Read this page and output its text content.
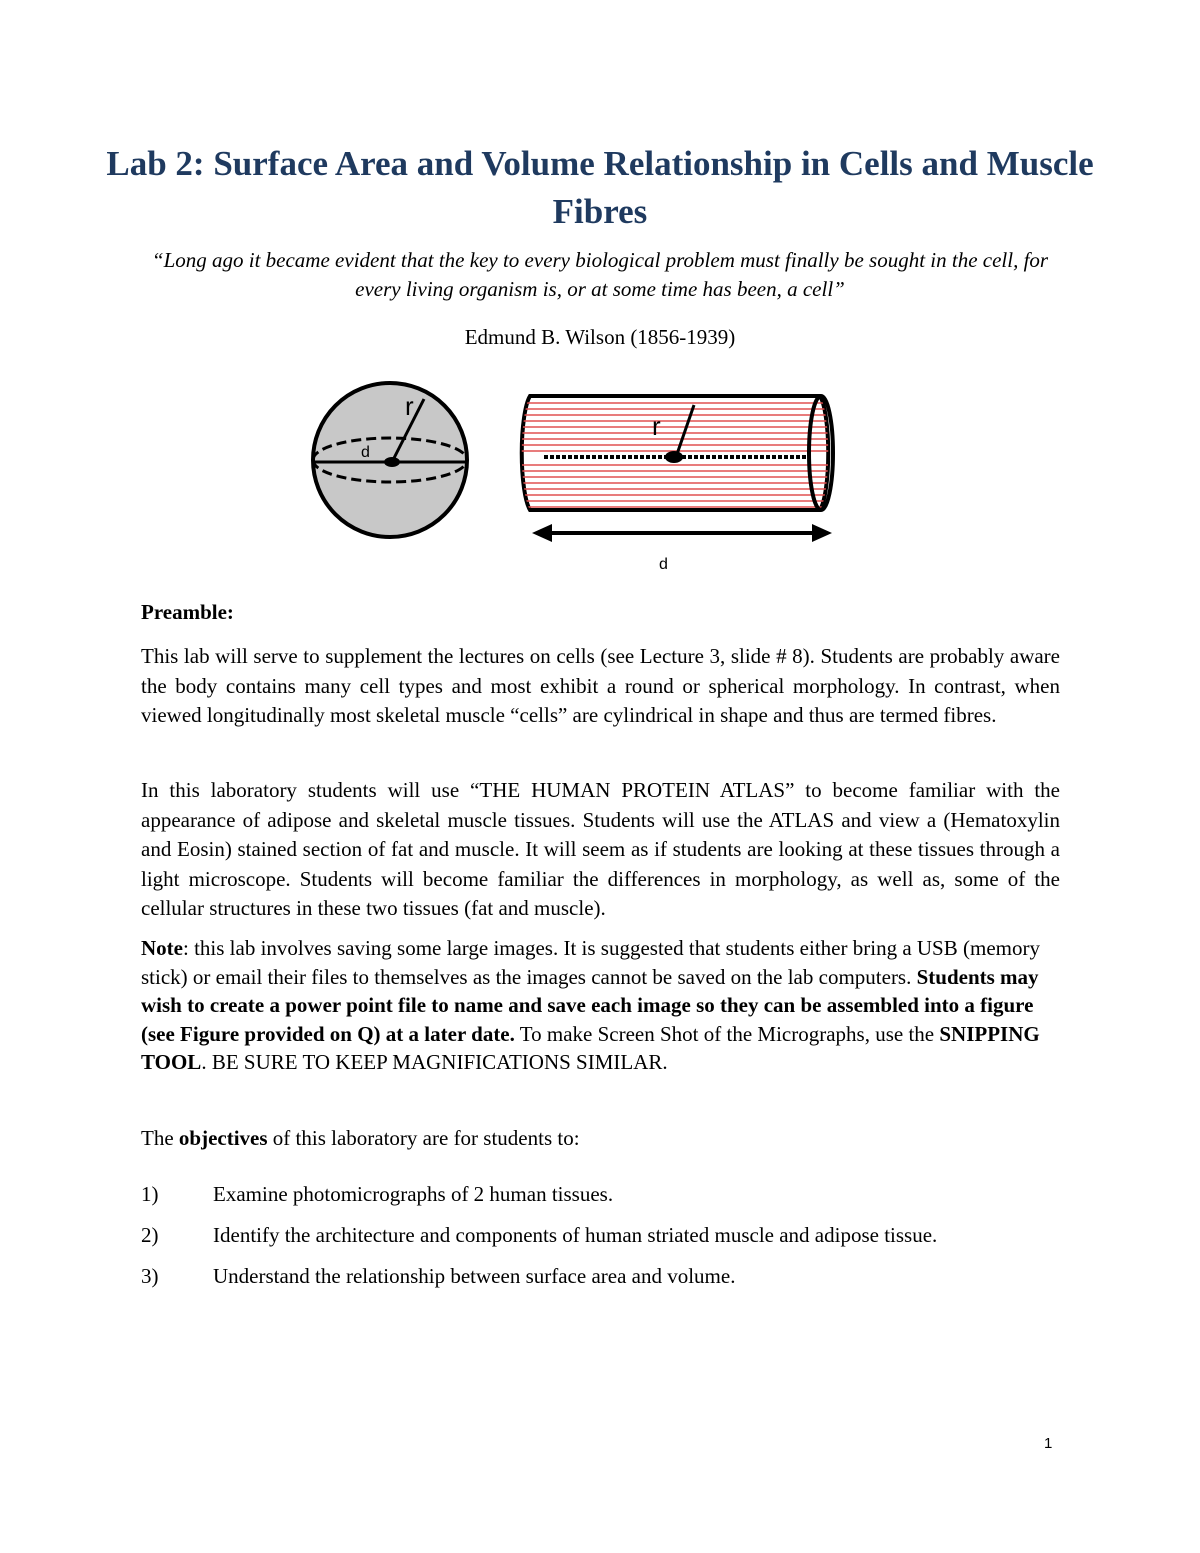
Lab 2: Surface Area and Volume Relationship in Cells and Muscle Fibres

“Long ago it became evident that the key to every biological problem must finally be sought in the cell, for every living organism is, or at some time has been, a cell”

Edmund B. Wilson (1856-1939)

r
d
r
d

Preamble:

This lab will serve to supplement the lectures on cells (see Lecture 3, slide # 8). Students are probably aware the body contains many cell types and most exhibit a round or spherical morphology. In contrast, when viewed longitudinally most skeletal muscle “cells” are cylindrical in shape and thus are termed fibres.

In this laboratory students will use “THE HUMAN PROTEIN ATLAS” to become familiar with the appearance of adipose and skeletal muscle tissues. Students will use the ATLAS and view a (Hematoxylin and Eosin) stained section of fat and muscle. It will seem as if students are looking at these tissues through a light microscope. Students will become familiar the differences in morphology, as well as, some of the cellular structures in these two tissues (fat and muscle).

Note: this lab involves saving some large images. It is suggested that students either bring a USB (memory stick) or email their files to themselves as the images cannot be saved on the lab computers. Students may wish to create a power point file to name and save each image so they can be assembled into a figure (see Figure provided on Q) at a later date. To make Screen Shot of the Micrographs, use the SNIPPING TOOL. BE SURE TO KEEP MAGNIFICATIONS SIMILAR.

The objectives of this laboratory are for students to:

1)	Examine photomicrographs of 2 human tissues.
2)	Identify the architecture and components of human striated muscle and adipose tissue.
3)	Understand the relationship between surface area and volume.

1
